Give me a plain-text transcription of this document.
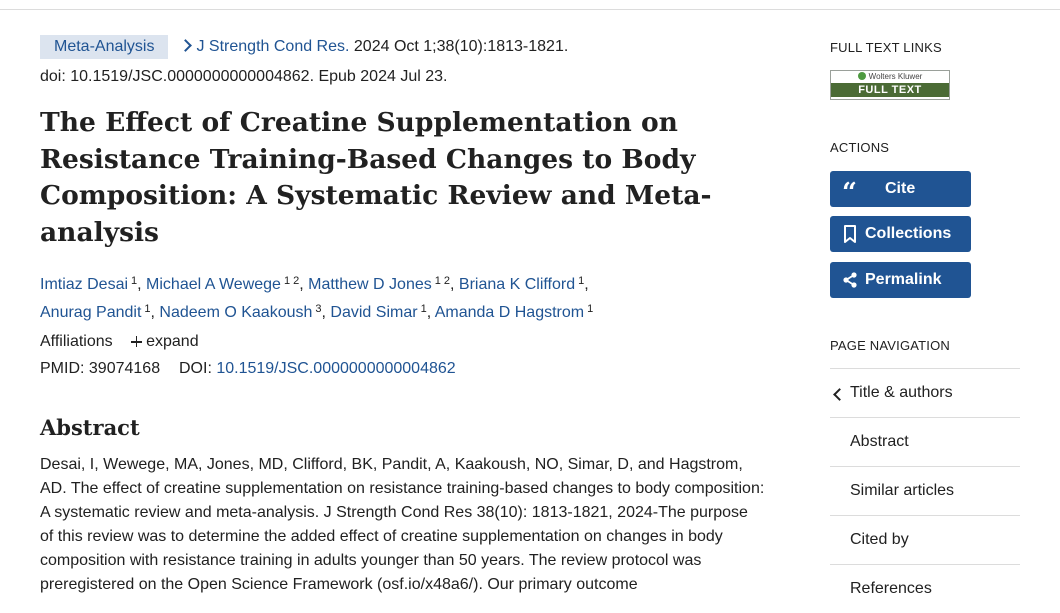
Meta-Analysis	J Strength Cond Res. 2024 Oct 1;38(10):1813-1821.
doi: 10.1519/JSC.0000000000004862. Epub 2024 Jul 23.
The Effect of Creatine Supplementation on Resistance Training-Based Changes to Body Composition: A Systematic Review and Meta-analysis
Imtiaz Desai $^1$, Michael A Wewege $^{1 2}$, Matthew D Jones $^{1 2}$, Briana K Clifford $^1$,
Anurag Pandit $^1$, Nadeem O Kaakoush $^3$, David Simar $^1$, Amanda D Hagstrom $^1$
Affiliations expand
PMID: 39074168 DOI: 10.1519/JSC.0000000000004862
Abstract

Desai, I, Wewege, MA, Jones, MD, Clifford, BK, Pandit, A, Kaakoush, NO, Simar, D, and Hagstrom, AD. The effect of creatine supplementation on resistance training-based changes to body composition: A systematic review and meta-analysis. J Strength Cond Res 38(10): 1813-1821, 2024-The purpose of this review was to determine the added effect of creatine supplementation on changes in body composition with resistance training in adults younger than 50 years. The review protocol was preregistered on the Open Science Framework (osf.io/x48a6/). Our primary outcome

FULL TEXT LINKS
Wolters Kluwer
FULL TEXT
ACTIONS
“ Cite
Collections
Permalink
PAGE NAVIGATION
Title & authors
Abstract
Similar articles
Cited by
References
